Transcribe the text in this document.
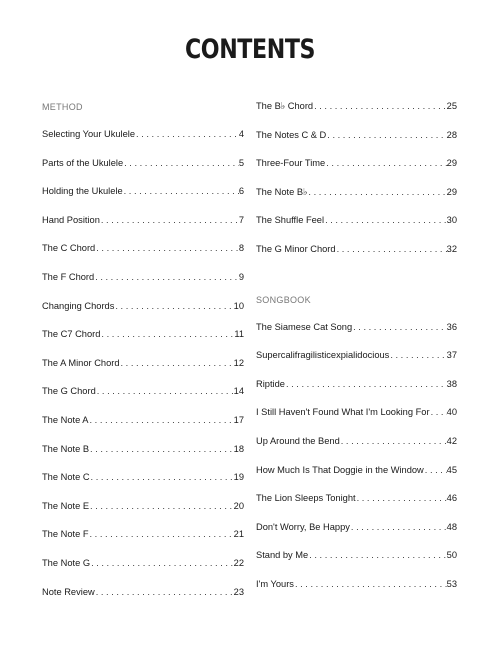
CONTENTS
METHOD
Selecting Your Ukulele . . .	4
Parts of the Ukulele . . .	5
Holding the Ukulele . . .	6
Hand Position . . .	7
The C Chord . . .	8
The F Chord . . .	9
Changing Chords . . .	10
The C7 Chord . . .	11
The A Minor Chord . . .	12
The G Chord . . .	14
The Note A . . .	17
The Note B . . .	18
The Note C . . .	19
The Note E . . .	20
The Note F . . .	21
The Note G . . .	22
Note Review . . .	23
The B♭ Chord . . .	25
The Notes C & D . . .	28
Three-Four Time . . .	29
The Note B♭ . . .	29
The Shuffle Feel . . .	30
The G Minor Chord . . .	32
SONGBOOK
The Siamese Cat Song . . .	36
Supercalifragilisticexpialidocious . . .	37
Riptide . . .	38
I Still Haven't Found What I'm Looking For . . . 40
Up Around the Bend . . .	42
How Much Is That Doggie in the Window . . . 45
The Lion Sleeps Tonight . . .	46
Don't Worry, Be Happy . . .	48
Stand by Me . . .	50
I'm Yours . . .	53
